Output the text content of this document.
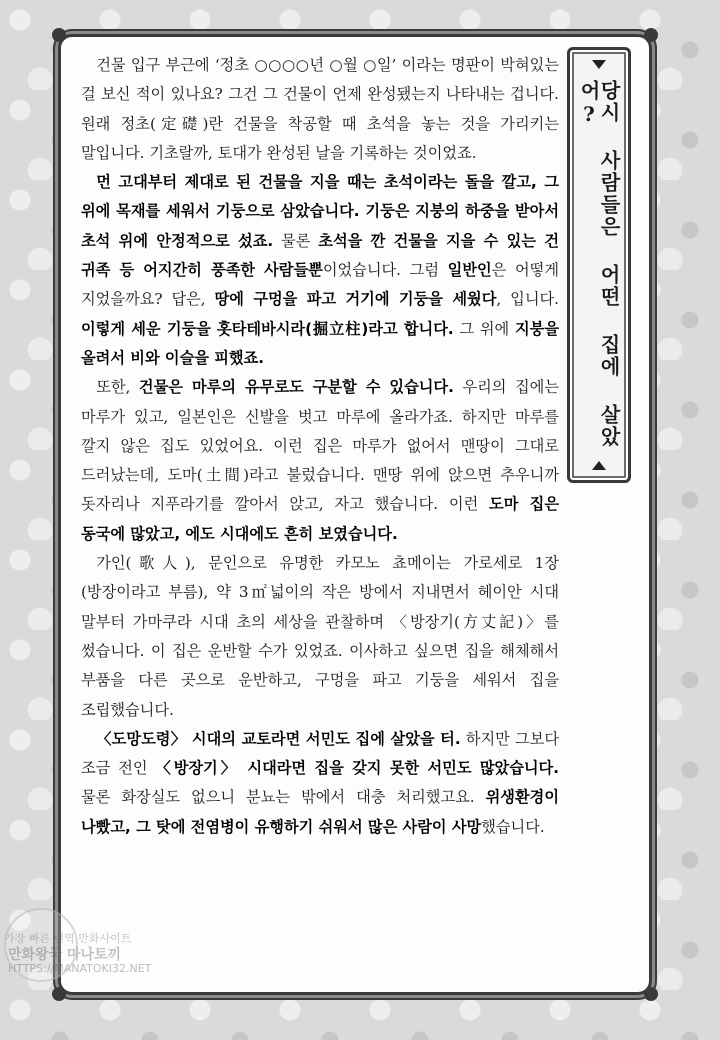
건물 입구 부근에 ‘정초 ○○○○년 ○월 ○일’ 이라는 명판이 박혀있는 걸 보신 적이 있나요? 그건 그 건물이 언제 완성됐는지 나타내는 겁니다. 원래 정초(定礎)란 건물을 착공할 때 초석을 놓는 것을 가리키는 말입니다. 기초랄까, 토대가 완성된 날을 기록하는 것이었죠.

먼 고대부터 제대로 된 건물을 지을 때는 초석이라는 돌을 깔고, 그 위에 목재를 세워서 기둥으로 삼았습니다. 기둥은 지붕의 하중을 받아서 초석 위에 안정적으로 섰죠. 물론 초석을 깐 건물을 지을 수 있는 건 귀족 등 어지간히 풍족한 사람들뿐이었습니다. 그럼 일반인은 어떻게 지었을까요? 답은, 땅에 구멍을 파고 거기에 기둥을 세웠다, 입니다. 이렇게 세운 기둥을 홋타테바시라(掘立柱)라고 합니다. 그 위에 지붕을 올려서 비와 이슬을 피했죠.

또한, 건물은 마루의 유무로도 구분할 수 있습니다. 우리의 집에는 마루가 있고, 일본인은 신발을 벗고 마루에 올라가죠. 하지만 마루를 깔지 않은 집도 있었어요. 이런 집은 마루가 없어서 맨땅이 그대로 드러났는데, 도마(土間)라고 불렀습니다. 맨땅 위에 앉으면 추우니까 돗자리나 지푸라기를 깔아서 앉고, 자고 했습니다. 이런 도마 집은 동국에 많았고, 에도 시대에도 흔히 보였습니다.

가인(歌人), 문인으로 유명한 카모노 쵸메이는 가로세로 1장(방장이라고 부름), 약 3㎡넓이의 작은 방에서 지내면서 헤이안 시대 말부터 가마쿠라 시대 초의 세상을 관찰하며 〈방장기(方丈記)〉를 썼습니다. 이 집은 운반할 수가 있었죠. 이사하고 싶으면 집을 해체해서 부품을 다른 곳으로 운반하고, 구멍을 파고 기둥을 세워서 집을 조립했습니다.

〈도망도령〉 시대의 교토라면 서민도 집에 살았을 터. 하지만 그보다 조금 전인 〈방장기〉 시대라면 집을 갖지 못한 서민도 많았습니다. 물론 화장실도 없으니 분뇨는 밖에서 대충 처리했고요. 위생환경이 나빴고, 그 탓에 전염병이 유행하기 쉬워서 많은 사람이 사망했습니다.

당시 사람들은 어떤 집에 살았어?
가장 빠른 번역 만화사이트
만화왕국 마나토끼
HTTPS://MANATOKI32.NET
